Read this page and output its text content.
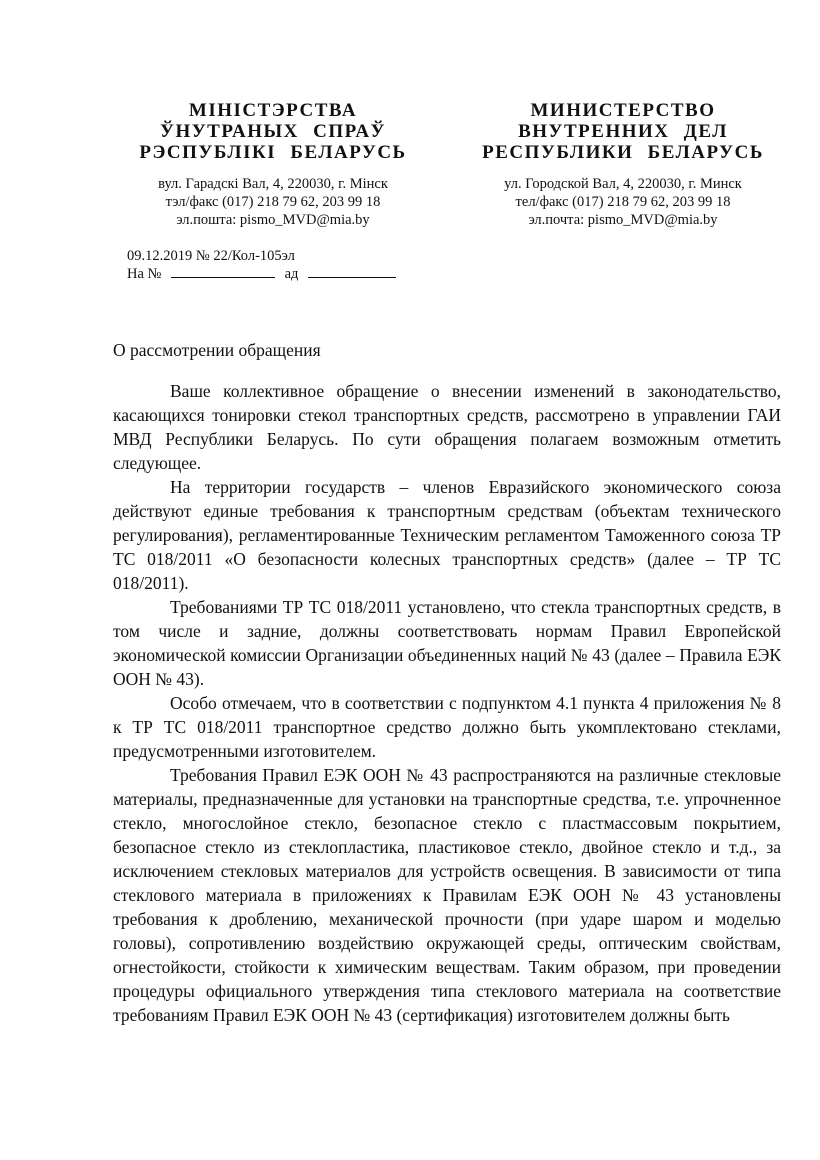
МІНІСТЭРСТВА
ЎНУТРАНЫХ СПРАЎ
РЭСПУБЛІКІ БЕЛАРУСЬ
вул. Гарадскі Вал, 4, 220030, г. Мінск
тэл/факс (017) 218 79 62, 203 99 18
эл.пошта: pismo_MVD@mia.by
МИНИСТЕРСТВО
ВНУТРЕННИХ ДЕЛ
РЕСПУБЛИКИ БЕЛАРУСЬ
ул. Городской Вал, 4, 220030, г. Минск
тел/факс (017) 218 79 62, 203 99 18
эл.почта: pismo_MVD@mia.by
09.12.2019 № 22/Кол-105эл
На №	ад
О рассмотрении обращения

Ваше коллективное обращение о внесении изменений в законодательство, касающихся тонировки стекол транспортных средств, рассмотрено в управлении ГАИ МВД Республики Беларусь. По сути обращения полагаем возможным отметить следующее.

На территории государств – членов Евразийского экономического союза действуют единые требования к транспортным средствам (объектам технического регулирования), регламентированные Техническим регламентом Таможенного союза ТР ТС 018/2011 «О безопасности колесных транспортных средств» (далее – ТР ТС 018/2011).

Требованиями ТР ТС 018/2011 установлено, что стекла транспортных средств, в том числе и задние, должны соответствовать нормам Правил Европейской экономической комиссии Организации объединенных наций № 43 (далее – Правила ЕЭК ООН № 43).

Особо отмечаем, что в соответствии с подпунктом 4.1 пункта 4 приложения № 8 к ТР ТС 018/2011 транспортное средство должно быть укомплектовано стеклами, предусмотренными изготовителем.

Требования Правил ЕЭК ООН № 43 распространяются на различные стекловые материалы, предназначенные для установки на транспортные средства, т.е. упрочненное стекло, многослойное стекло, безопасное стекло с пластмассовым покрытием, безопасное стекло из стеклопластика, пластиковое стекло, двойное стекло и т.д., за исключением стекловых материалов для устройств освещения. В зависимости от типа стеклового материала в приложениях к Правилам ЕЭК ООН № 43 установлены требования к дроблению, механической прочности (при ударе шаром и моделью головы), сопротивлению воздействию окружающей среды, оптическим свойствам, огнестойкости, стойкости к химическим веществам. Таким образом, при проведении процедуры официального утверждения типа стеклового материала на соответствие требованиям Правил ЕЭК ООН № 43 (сертификация) изготовителем должны быть
